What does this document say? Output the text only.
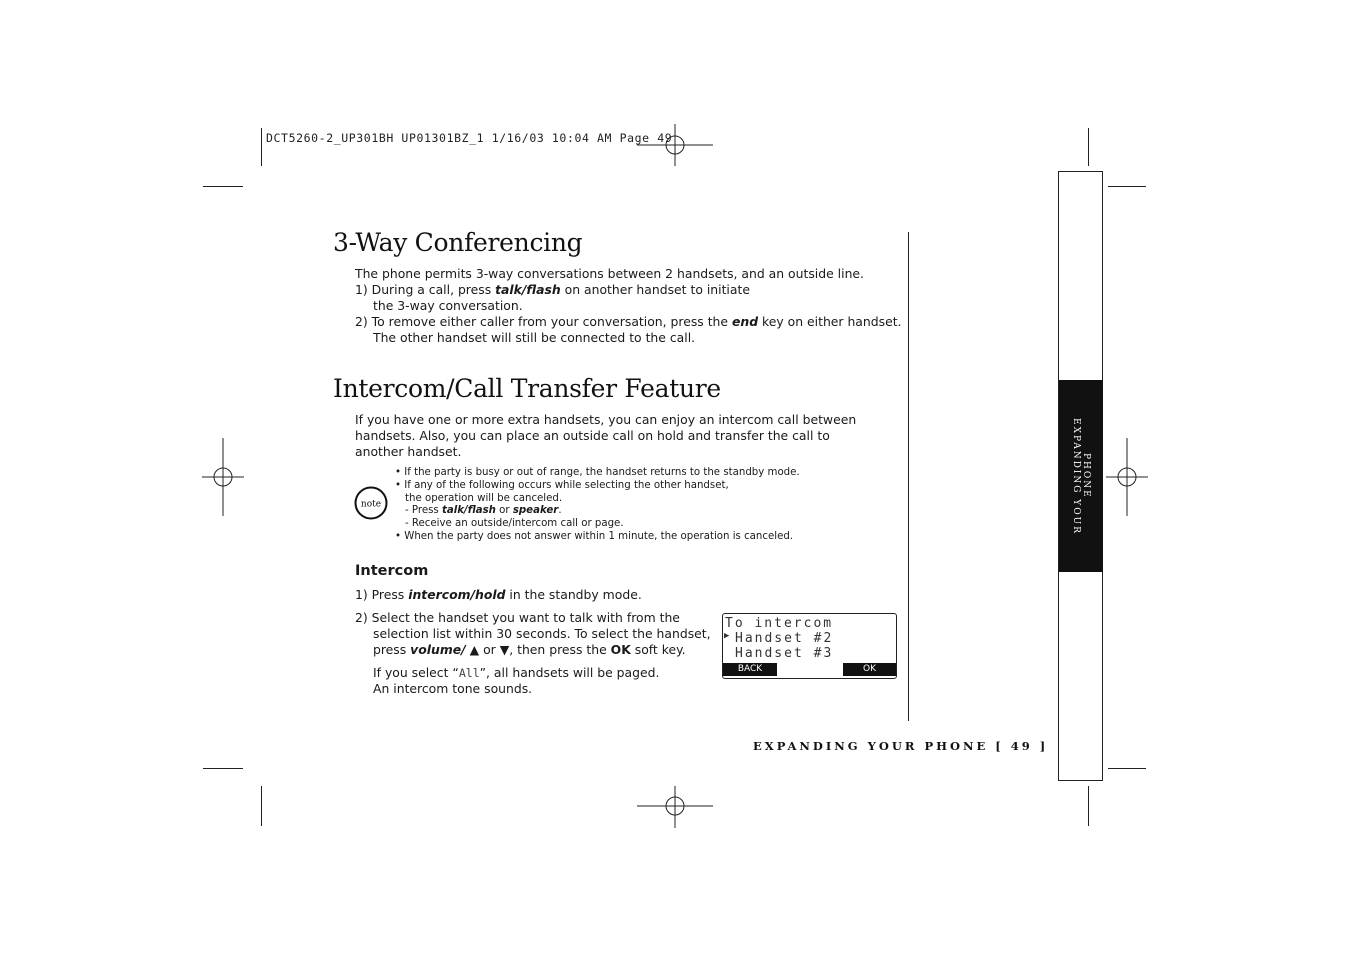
DCT5260-2_UP301BH UP01301BZ_1 1/16/03 10:04 AM Page 49
EXPANDING YOUR PHONE
3-Way Conferencing
The phone permits 3-way conversations between 2 handsets, and an outside line.
1) During a call, press talk/flash on another handset to initiate
the 3-way conversation.
2) To remove either caller from your conversation, press the end key on either handset.
The other handset will still be connected to the call.
Intercom/Call Transfer Feature
If you have one or more extra handsets, you can enjoy an intercom call between
handsets. Also, you can place an outside call on hold and transfer the call to
another handset.
note
• If the party is busy or out of range, the handset returns to the standby mode.
• If any of the following occurs while selecting the other handset,
the operation will be canceled.
- Press talk/flash or speaker.
- Receive an outside/intercom call or page.
• When the party does not answer within 1 minute, the operation is canceled.
Intercom
1) Press intercom/hold in the standby mode.
2) Select the handset you want to talk with from the
selection list within 30 seconds. To select the handset,
press volume/ ▲ or ▼, then press the OK soft key.
If you select “All”, all handsets will be paged.
An intercom tone sounds.
To intercom
▶ Handset #2
Handset #3
BACK	OK
EXPANDING YOUR PHONE [ 49 ]
